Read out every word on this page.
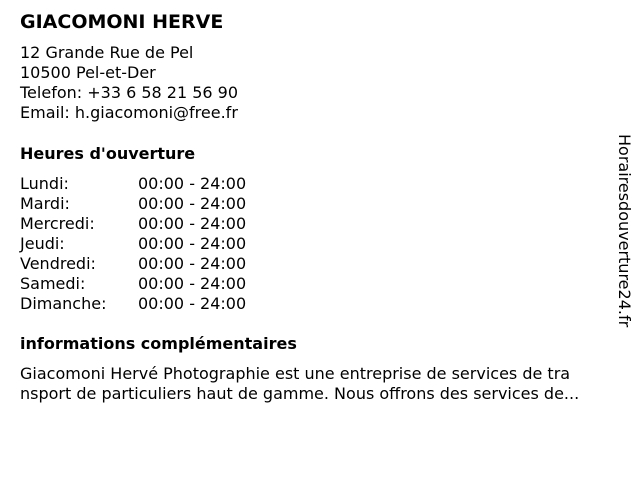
GIACOMONI HERVE
12 Grande Rue de Pel
10500 Pel-et-Der
Telefon: +33 6 58 21 56 90
Email: h.giacomoni@free.fr
Heures d'ouverture
Lundi:	00:00 - 24:00
Mardi:	00:00 - 24:00
Mercredi:	00:00 - 24:00
Jeudi:	00:00 - 24:00
Vendredi:	00:00 - 24:00
Samedi:	00:00 - 24:00
Dimanche: 00:00 - 24:00
informations complémentaires
Giacomoni Hervé Photographie est une entreprise de services de tra
nsport de particuliers haut de gamme. Nous offrons des services de...
Horairesdouverture24.fr
